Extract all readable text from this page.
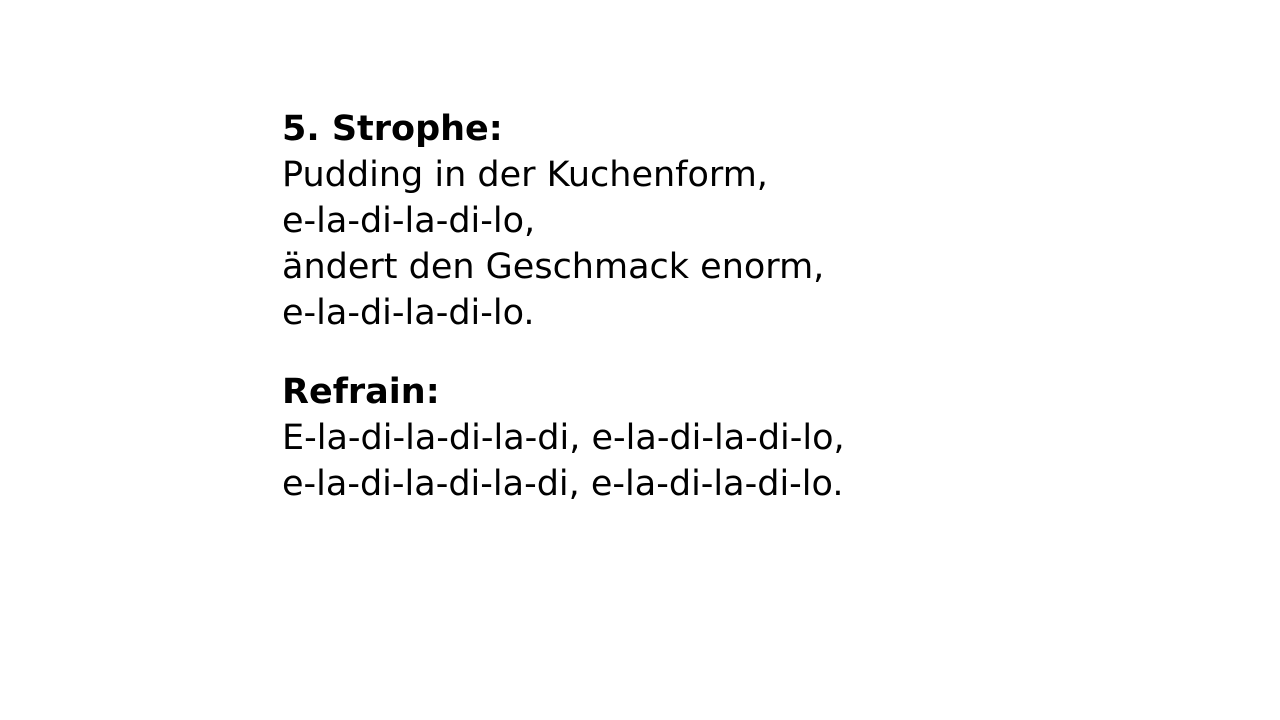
5. Strophe:
Pudding in der Kuchenform,
e-la-di-la-di-lo,
ändert den Geschmack enorm,
e-la-di-la-di-lo.
Refrain:
E-la-di-la-di-la-di, e-la-di-la-di-lo,
e-la-di-la-di-la-di, e-la-di-la-di-lo.
